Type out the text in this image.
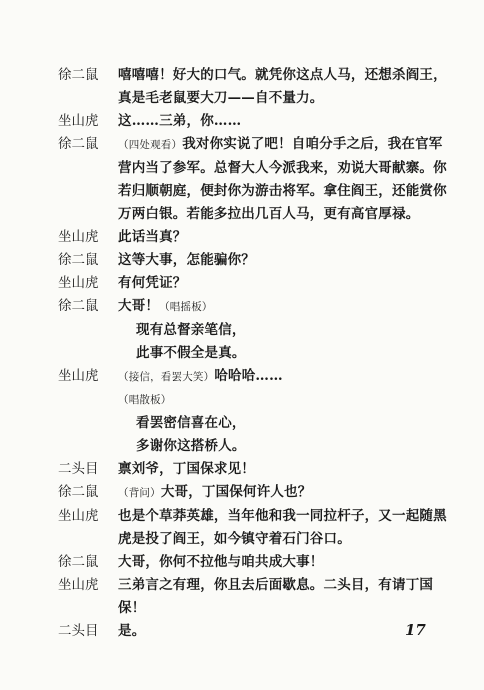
徐二鼠	嘻嘻嘻！好大的口气。就凭你这点人马，还想杀阎王，真是毛老鼠要大刀——自不量力。
坐山虎	这……三弟，你……
徐二鼠	（四处观看）我对你实说了吧！自咱分手之后，我在官军营内当了参军。总督大人今派我来，劝说大哥献寨。你若归顺朝庭，便封你为游击将军。拿住阎王，还能赏你万两白银。若能多拉出几百人马，更有高官厚禄。
坐山虎	此话当真？
徐二鼠	这等大事，怎能骗你？
坐山虎	有何凭证？
徐二鼠	大哥！（唱摇板）
现有总督亲笔信，
此事不假全是真。
坐山虎	（接信，看罢大笑）哈哈哈……
（唱散板）
看罢密信喜在心，
多谢你这搭桥人。
二头目	禀刘爷，丁国保求见！
徐二鼠	（背问）大哥，丁国保何许人也？
坐山虎	也是个草莽英雄，当年他和我一同拉杆子，又一起随黑虎是投了阎王，如今镇守着石门谷口。
徐二鼠	大哥，你何不拉他与咱共成大事！
坐山虎	三弟言之有理，你且去后面歇息。二头目，有请丁国保！
二头目	是。	17
